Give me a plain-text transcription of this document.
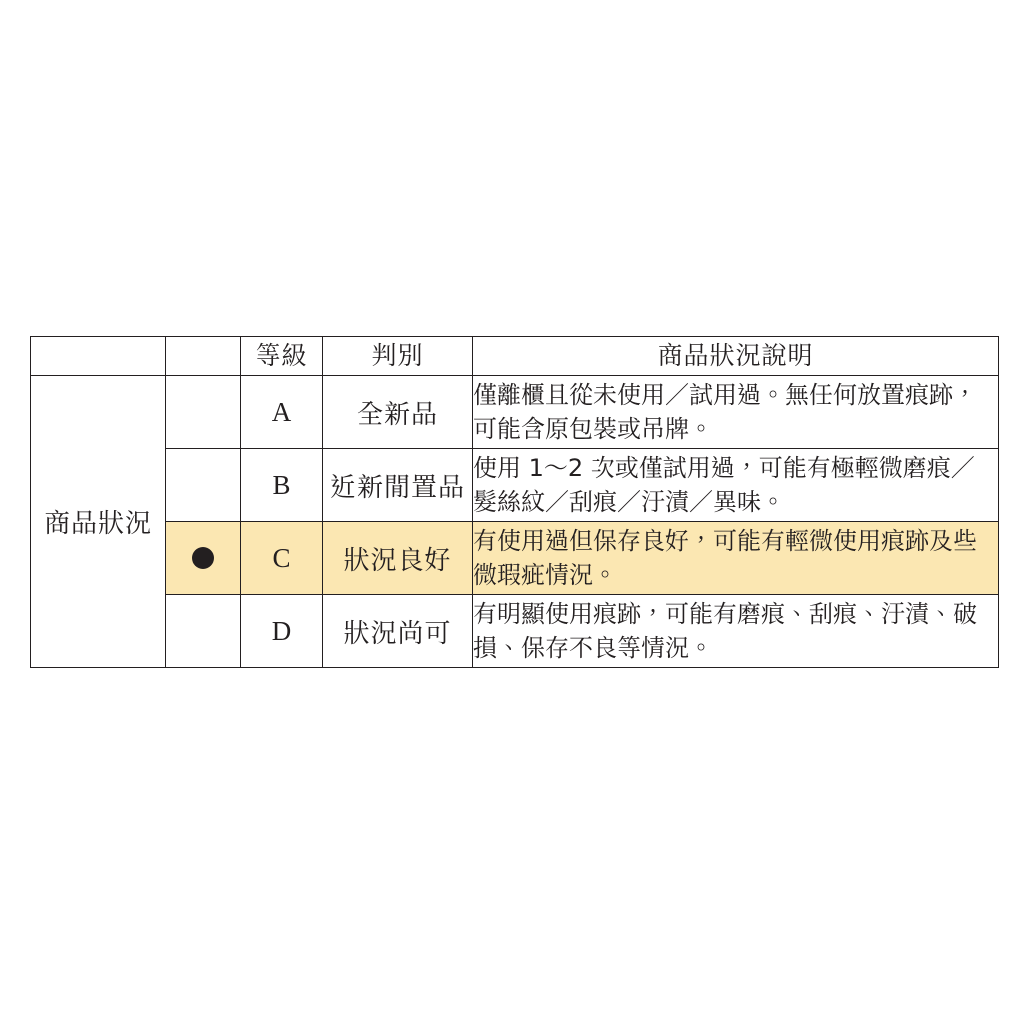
		等級	判別	商品狀況說明
商品狀況		A	全新品	僅離櫃且從未使用／試用過。無任何放置痕跡，可能含原包裝或吊牌。
		B	近新閒置品	使用 1～2 次或僅試用過，可能有極輕微磨痕／髮絲紋／刮痕／汙漬／異味。

		C	狀況良好	有使用過但保存良好，可能有輕微使用痕跡及些微瑕疵情況。
		D	狀況尚可	有明顯使用痕跡，可能有磨痕、刮痕、汙漬、破損、保存不良等情況。
